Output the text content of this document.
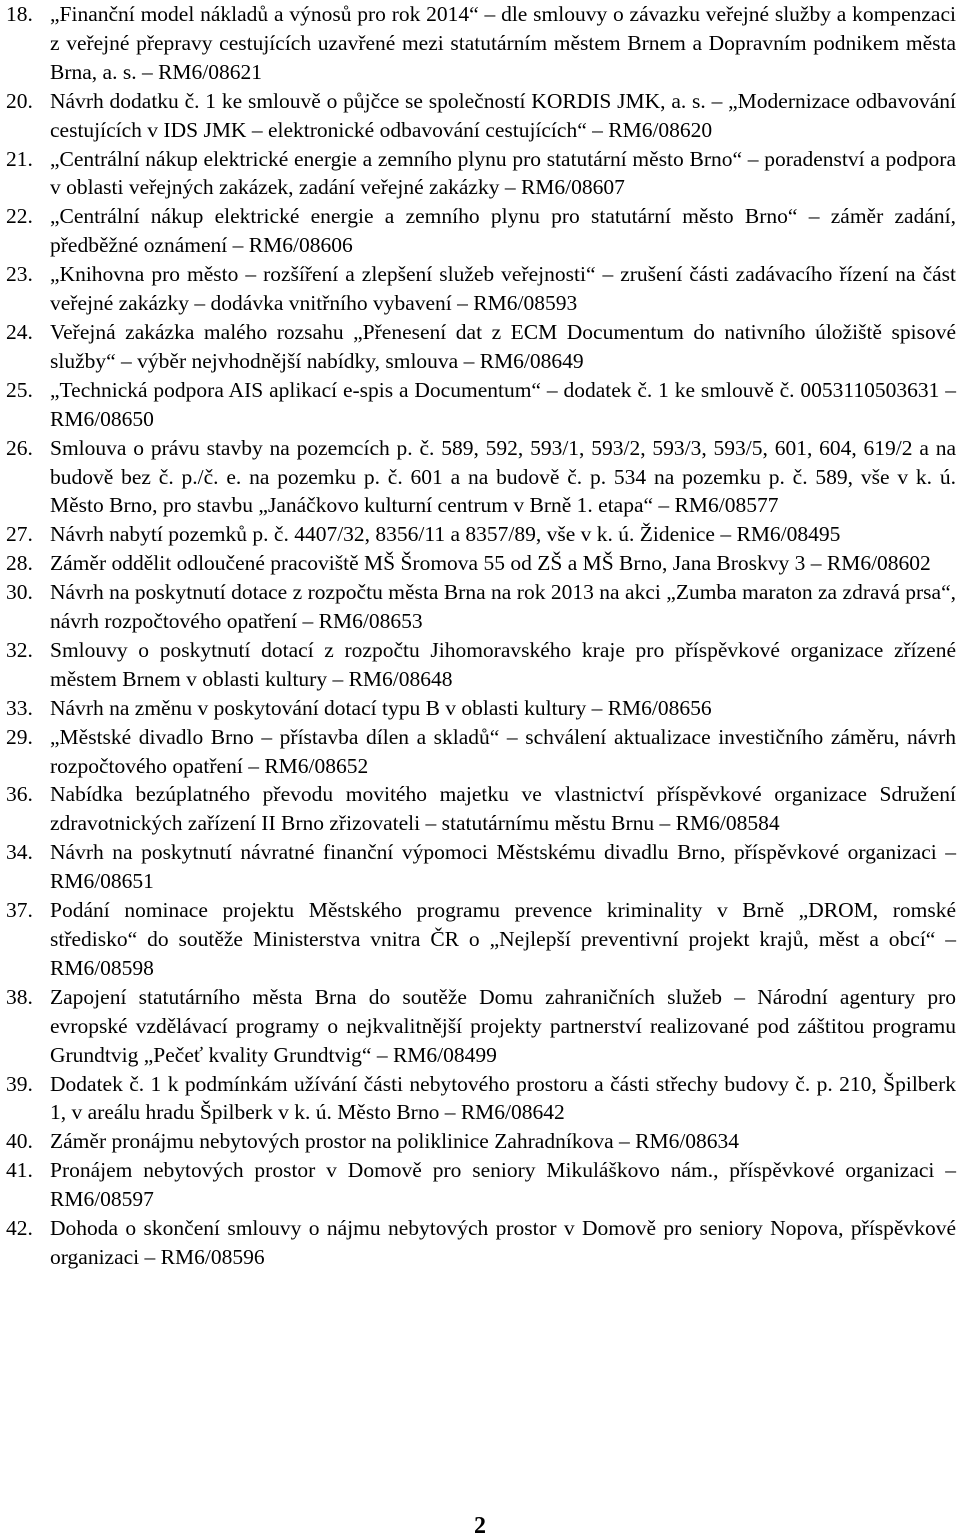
18. „Finanční model nákladů a výnosů pro rok 2014“ – dle smlouvy o závazku veřejné služby a kompenzaci z veřejné přepravy cestujících uzavřené mezi statutárním městem Brnem a Dopravním podnikem města Brna, a. s. – RM6/08621
20. Návrh dodatku č. 1 ke smlouvě o půjčce se společností KORDIS JMK, a. s. – „Modernizace odbavování cestujících v IDS JMK – elektronické odbavování cestujících“ – RM6/08620
21. „Centrální nákup elektrické energie a zemního plynu pro statutární město Brno“ – poradenství a podpora v oblasti veřejných zakázek, zadání veřejné zakázky – RM6/08607
22. „Centrální nákup elektrické energie a zemního plynu pro statutární město Brno“ – záměr zadání, předběžné oznámení – RM6/08606
23. „Knihovna pro město – rozšíření a zlepšení služeb veřejnosti“ – zrušení části zadávacího řízení na část veřejné zakázky – dodávka vnitřního vybavení – RM6/08593
24. Veřejná zakázka malého rozsahu „Přenesení dat z ECM Documentum do nativního úložiště spisové služby“ – výběr nejvhodnější nabídky, smlouva – RM6/08649
25. „Technická podpora AIS aplikací e-spis a Documentum“ – dodatek č. 1 ke smlouvě č. 0053110503631 – RM6/08650
26. Smlouva o právu stavby na pozemcích p. č. 589, 592, 593/1, 593/2, 593/3, 593/5, 601, 604, 619/2 a na budově bez č. p./č. e. na pozemku p. č. 601 a na budově č. p. 534 na pozemku p. č. 589, vše v k. ú. Město Brno, pro stavbu „Janáčkovo kulturní centrum v Brně 1. etapa“ – RM6/08577
27. Návrh nabytí pozemků p. č. 4407/32, 8356/11 a 8357/89, vše v k. ú. Židenice – RM6/08495
28. Záměr oddělit odloučené pracoviště MŠ Šromova 55 od ZŠ a MŠ Brno, Jana Broskvy 3 – RM6/08602
30. Návrh na poskytnutí dotace z rozpočtu města Brna na rok 2013 na akci „Zumba maraton za zdravá prsa“, návrh rozpočtového opatření – RM6/08653
32. Smlouvy o poskytnutí dotací z rozpočtu Jihomoravského kraje pro příspěvkové organizace zřízené městem Brnem v oblasti kultury – RM6/08648
33. Návrh na změnu v poskytování dotací typu B v oblasti kultury – RM6/08656
29. „Městské divadlo Brno – přístavba dílen a skladů“ – schválení aktualizace investičního záměru, návrh rozpočtového opatření – RM6/08652
36. Nabídka bezúplatného převodu movitého majetku ve vlastnictví příspěvkové organizace Sdružení zdravotnických zařízení II Brno zřizovateli – statutárnímu městu Brnu – RM6/08584
34. Návrh na poskytnutí návratné finanční výpomoci Městskému divadlu Brno, příspěvkové organizaci – RM6/08651
37. Podání nominace projektu Městského programu prevence kriminality v Brně „DROM, romské středisko“ do soutěže Ministerstva vnitra ČR o „Nejlepší preventivní projekt krajů, měst a obcí“ – RM6/08598
38. Zapojení statutárního města Brna do soutěže Domu zahraničních služeb – Národní agentury pro evropské vzdělávací programy o nejkvalitnější projekty partnerství realizované pod záštitou programu Grundtvig „Pečeť kvality Grundtvig“ – RM6/08499
39. Dodatek č. 1 k podmínkám užívání části nebytového prostoru a části střechy budovy č. p. 210, Špilberk 1, v areálu hradu Špilberk v k. ú. Město Brno – RM6/08642
40. Záměr pronájmu nebytových prostor na poliklinice Zahradníkova – RM6/08634
41. Pronájem nebytových prostor v Domově pro seniory Mikuláškovo nám., příspěvkové organizaci – RM6/08597
42. Dohoda o skončení smlouvy o nájmu nebytových prostor v Domově pro seniory Nopova, příspěvkové organizaci – RM6/08596
2
